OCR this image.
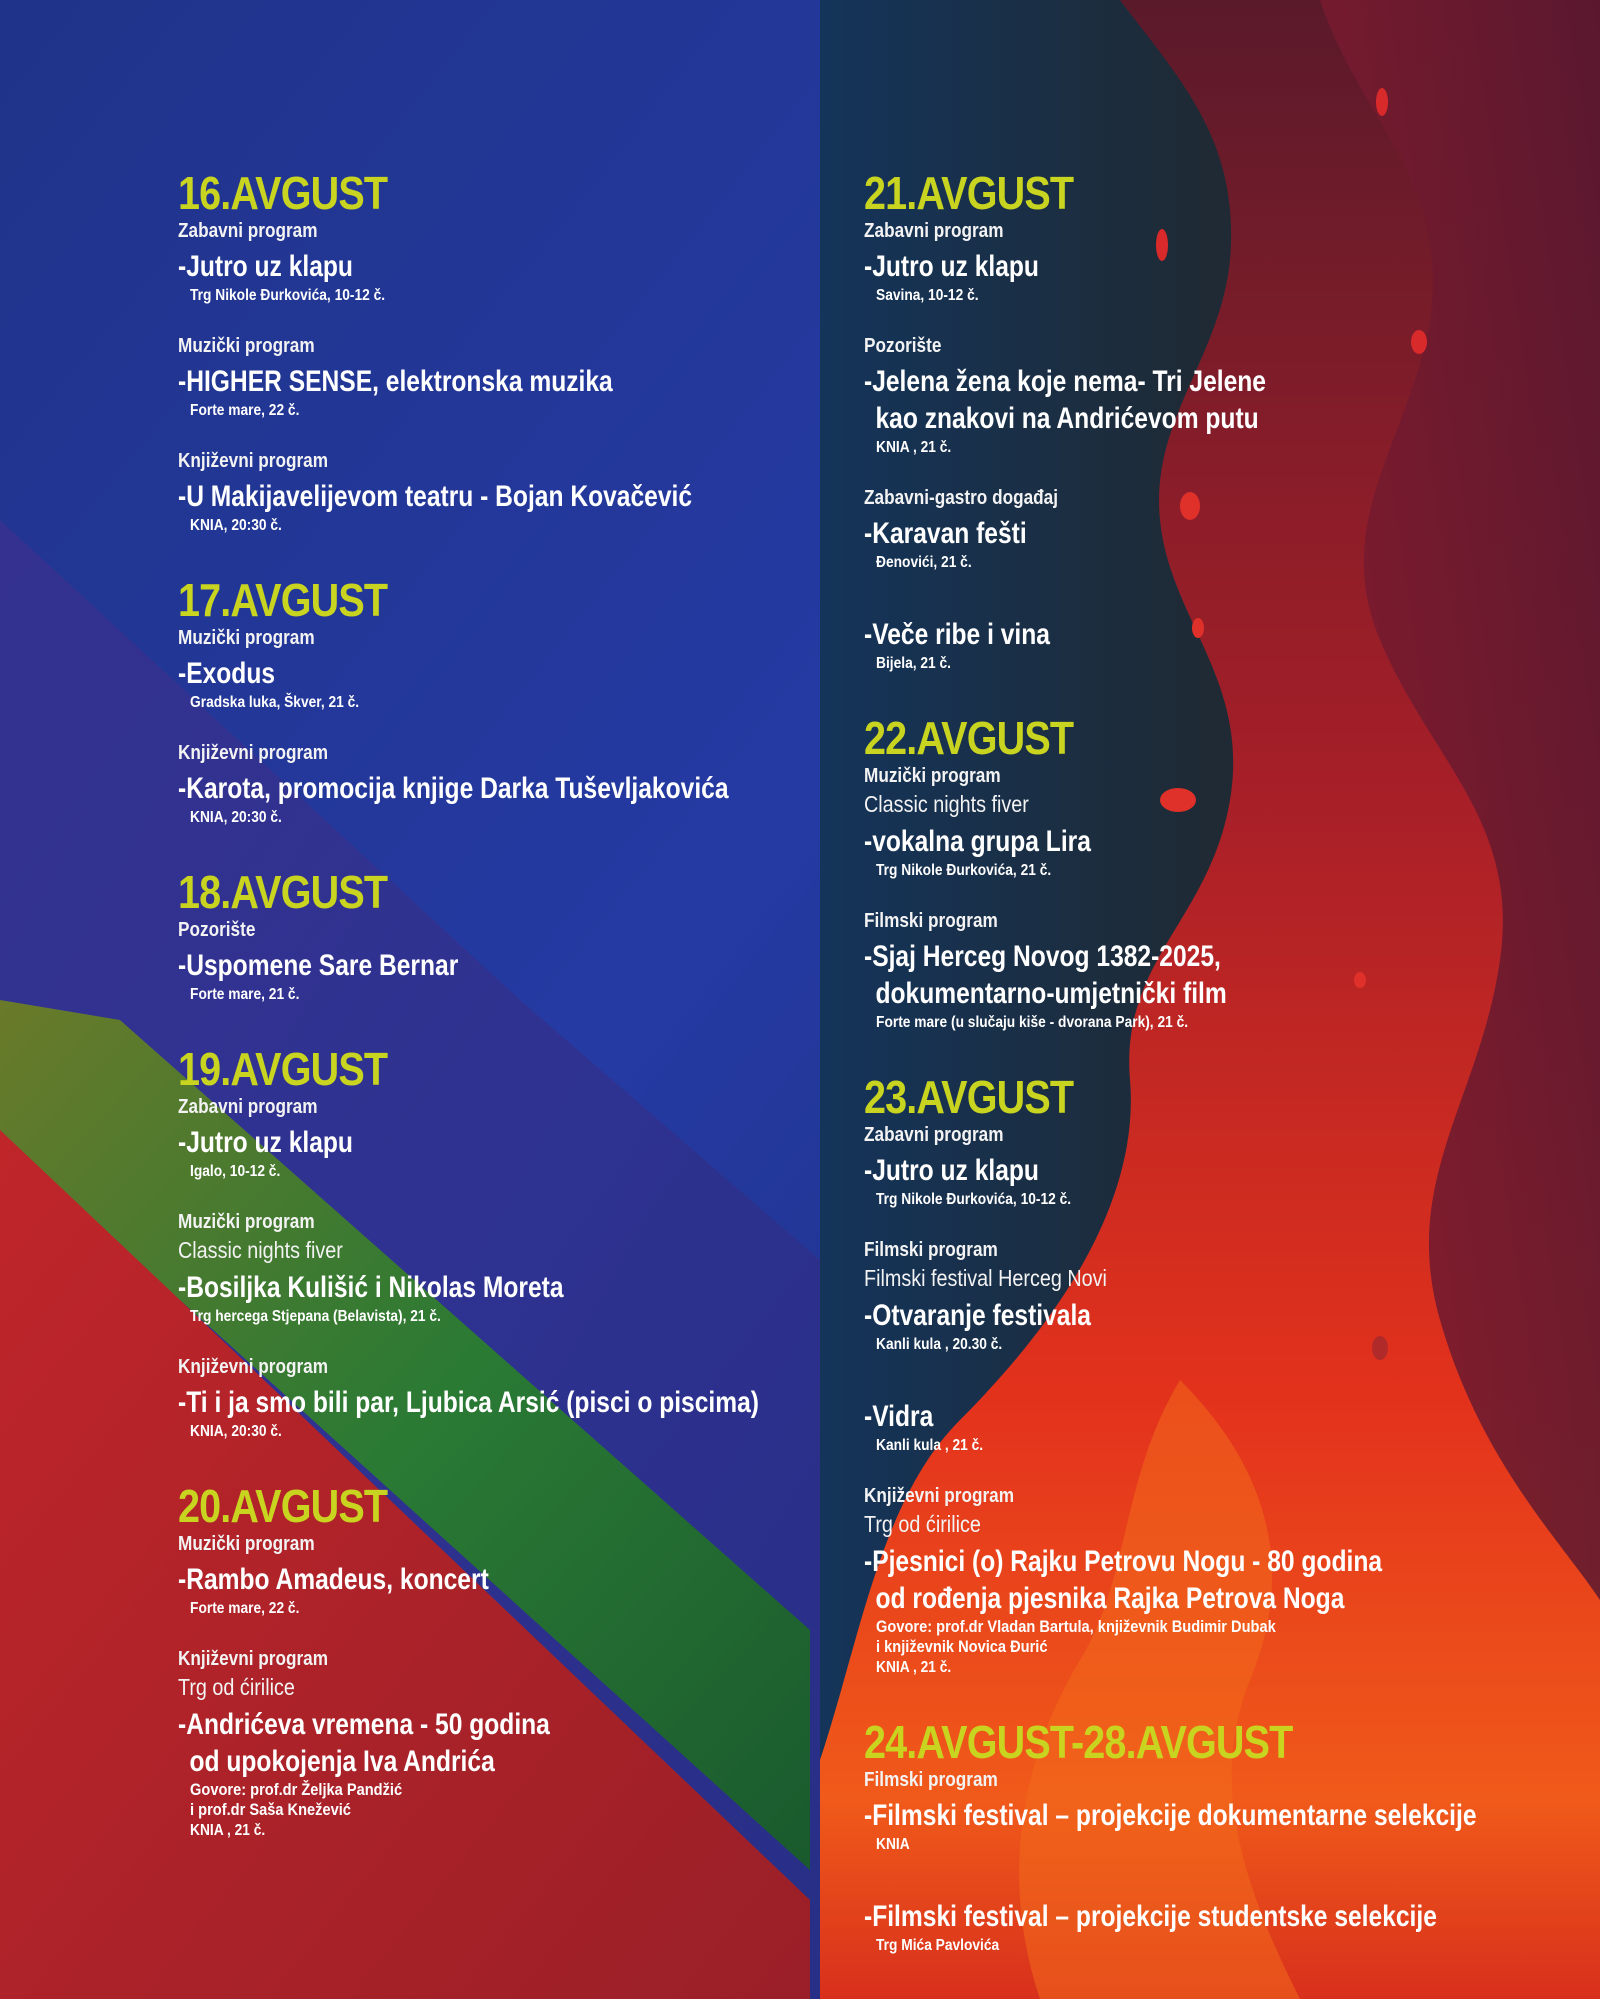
16.AVGUST
Zabavni program
-Jutro uz klapu
Trg Nikole Đurkovića, 10-12 č.
Muzički program
-HIGHER SENSE, elektronska muzika
Forte mare, 22 č.
Književni program
-U Makijavelijevom teatru - Bojan Kovačević
KNIA, 20:30 č.
17.AVGUST
Muzički program
-Exodus
Gradska luka, Škver, 21 č.
Književni program
-Karota, promocija knjige Darka Tuševljakovića
KNIA, 20:30 č.
18.AVGUST
Pozorište
-Uspomene Sare Bernar
Forte mare, 21 č.
19.AVGUST
Zabavni program
-Jutro uz klapu
Igalo, 10-12 č.
Muzički program
Classic nights fiver
-Bosiljka Kulišić i Nikolas Moreta
Trg hercega Stjepana (Belavista), 21 č.
Književni program
-Ti i ja smo bili par, Ljubica Arsić (pisci o piscima)
KNIA, 20:30 č.
20.AVGUST
Muzički program
-Rambo Amadeus, koncert
Forte mare, 22 č.
Književni program
Trg od ćirilice
-Andrićeva vremena - 50 godina
od upokojenja Iva Andrića
Govore: prof.dr Željka Pandžić
i prof.dr Saša Knežević
KNIA , 21 č.
21.AVGUST
Zabavni program
-Jutro uz klapu
Savina, 10-12 č.
Pozorište
-Jelena žena koje nema- Tri Jelene
kao znakovi na Andrićevom putu
KNIA , 21 č.
Zabavni-gastro događaj
-Karavan fešti
Đenovići, 21 č.
-Veče ribe i vina
Bijela, 21 č.
22.AVGUST
Muzički program
Classic nights fiver
-vokalna grupa Lira
Trg Nikole Đurkovića, 21 č.
Filmski program
-Sjaj Herceg Novog 1382-2025,
dokumentarno-umjetnički film
Forte mare (u slučaju kiše - dvorana Park), 21 č.
23.AVGUST
Zabavni program
-Jutro uz klapu
Trg Nikole Đurkovića, 10-12 č.
Filmski program
Filmski festival Herceg Novi
-Otvaranje festivala
Kanli kula , 20.30 č.
-Vidra
Kanli kula , 21 č.
Književni program
Trg od ćirilice
-Pjesnici (o) Rajku Petrovu Nogu - 80 godina
od rođenja pjesnika Rajka Petrova Noga
Govore: prof.dr Vladan Bartula, književnik Budimir Dubak
i književnik Novica Đurić
KNIA , 21 č.
24.AVGUST-28.AVGUST
Filmski program
-Filmski festival – projekcije dokumentarne selekcije
KNIA
-Filmski festival – projekcije studentske selekcije
Trg Mića Pavlovića
